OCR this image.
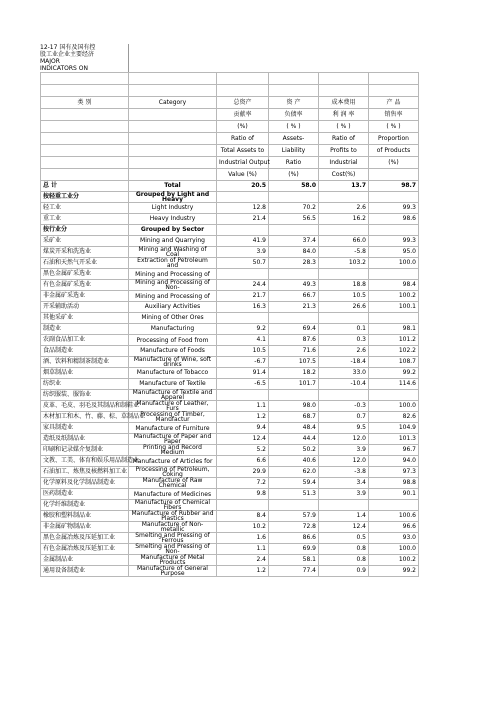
12-17 国有及国有控
股工业企业主要经济
MAJOR
INDICATORS ON

类 别	Category	总资产	资 产	成本费用	产 品
		贡献率	负债率	利 润 率	销售率
		(%)	( % )	( % )	( % )
		Ratio of	Assets-	Ratio of	Proportion
		Total Assets to	Liability	Profits to	of Products
		Industrial Output	Ratio	Industrial	(%)
		Value (%)	(%)	Cost(%)	
总 计	Total	20.5	58.0	13.7	98.7
按轻重工业分	Grouped by Light and Heavy				
轻工业	Light Industry	12.8	70.2	2.6	99.3
重工业	Heavy Industry	21.4	56.5	16.2	98.6
按行业分	Grouped by Sector				
采矿业	Mining and Quarrying	41.9	37.4	66.0	99.3
煤炭开采和洗选业	Mining and Washing of Coal	3.9	84.0	-5.8	95.0
石油和天然气开采业	Extraction of Petroleum and	50.7	28.3	103.2	100.0
黑色金属矿采选业	Mining and Processing of				
有色金属矿采选业	Mining and Processing of Non-	24.4	49.3	18.8	98.4
非金属矿采选业	Mining and Processing of	21.7	66.7	10.5	100.2
开采辅助活动	Auxiliary Activities	16.3	21.3	26.6	100.1
其他采矿业	Mining of Other Ores				
制造业	Manufacturing	9.2	69.4	0.1	98.1
农副食品加工业	Processing of Food from	4.1	87.6	0.3	101.2
食品制造业	Manufacture of Foods	10.5	71.6	2.6	102.2
酒、饮料和精制茶制造业	Manufacture of Wine, soft drinks	-6.7	107.5	-18.4	108.7
烟草制品业	Manufacture of Tobacco	91.4	18.2	33.0	99.2
纺织业	Manufacture of Textile	-6.5	101.7	-10.4	114.6
纺织服装、服饰业	Manufacture of Textile and Apparel				
皮革、毛皮、羽毛及其制品和制鞋业	Manufacture of Leather, Furs	1.1	98.0	-0.3	100.0
木材加工和木、竹、藤、棕、草制品业	Processing of Timber, Manufactur	1.2	68.7	0.7	82.6
家具制造业	Manufacture of Furniture	9.4	48.4	9.5	104.9
造纸及纸制品业	Manufacture of Paper and Paper	12.4	44.4	12.0	101.3
印刷和记录媒介复制业	Printing and Record Medium	5.2	50.2	3.9	96.7
文教、工美、体育和娱乐用品制造业	Manufacture of Articles for	6.6	40.6	12.0	94.0
石油加工、炼焦及核燃料加工业	Processing of Petroleum, Coking	29.9	62.0	-3.8	97.3
化学原料及化学制品制造业	Manufacture of Raw Chemical	7.2	59.4	3.4	98.8
医药制造业	Manufacture of Medicines	9.8	51.3	3.9	90.1
化学纤维制造业	Manufacture of Chemical Fibers				
橡胶和塑料制品业	Manufacture of Rubber and Plastics	8.4	57.9	1.4	100.6
非金属矿物制品业	Manufacture of Non-metallic	10.2	72.8	12.4	96.6
黑色金属冶炼及压延加工业	Smelting and Pressing of Ferrous	1.6	86.6	0.5	93.0
有色金属冶炼及压延加工业	Smelting and Pressing of Non-	1.1	69.9	0.8	100.0
金属制品业	Manufacture of Metal Products	2.4	58.1	0.8	100.2
通用设备制造业	Manufacture of General Purpose	1.2	77.4	0.9	99.2
